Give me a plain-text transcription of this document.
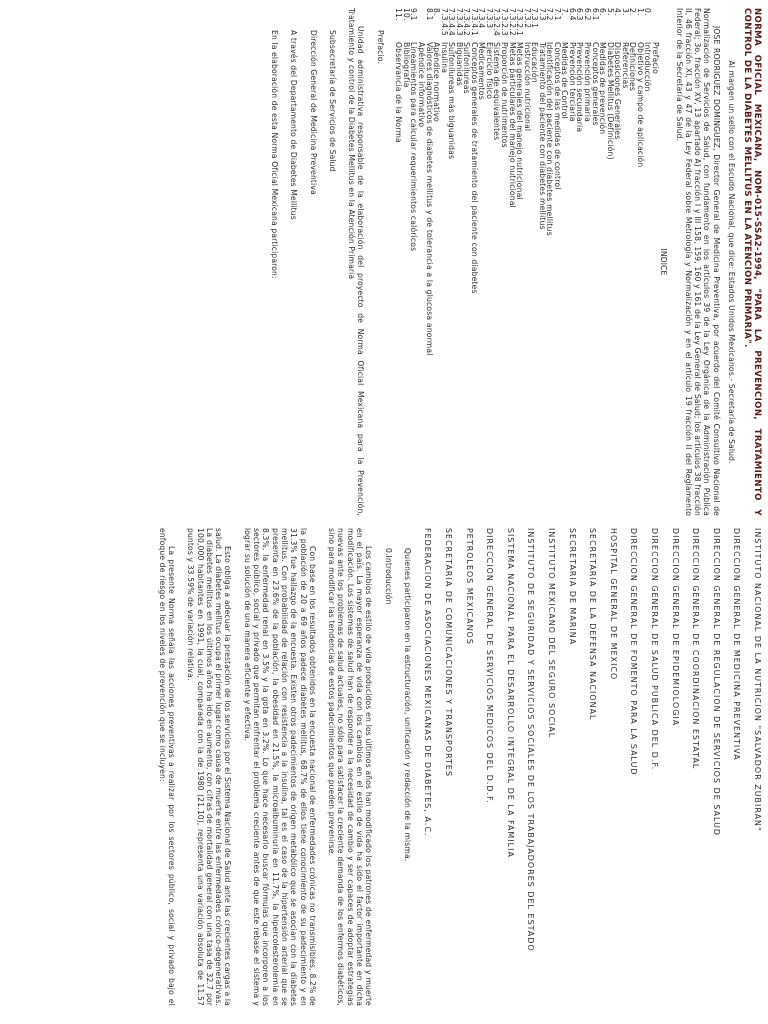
NORMA OFICIAL MEXICANA, NOM-015-SSA2-1994, "PARA LA PREVENCION, TRATAMIENTO Y CONTROL DE LA DIABETES MELLITUS EN LA ATENCION PRIMARIA".

Al margen un sello con el Escudo Nacional, que dice: Estados Unidos Mexicanos.- Secretaría de Salud.

JOSE RODRIGUEZ DOMINGUEZ, Director General de Medicina Preventiva, por acuerdo del Comité Consultivo Nacional de Normalización de Servicios de Salud, con fundamento en los artículos 39 de la Ley Orgánica de la Administración Pública Federal; 3o. fracción XV, 13 apartado A) fracción I y III 158, 159, 160 y 161 de la Ley General de Salud; los artículos 38 fracción II, 46 fracción XI, 43 y 47 de la Ley Federal sobre Metrología y Normalización y en el artículo 19 fracción II del Reglamento Interior de la Secretaría de Salud.

INDICE

Prefacio
0.Introducción
1.Objetivo y campo de aplicación
2.Definiciones
3.Referencias
4.Disposiciones Generales
5.Diabetes Mellitus (Definición)
6.Medidas de prevención
6.1Conceptos generales
6.2Prevención primaria
6.3Prevención secundaria
6.4Prevención terciaria
7.Medidas de Control
7.1Conceptos de las medidas de control
7.2Identificación del paciente con diabetes mellitus
7.3Tratamiento del paciente con diabetes mellitus
7.3.1Educación
7.3.2Instrucción nutricional
7.3.2.1Metas generales del manejo nutricional
7.3.2.2Metas particulares del manejo nutricional
7.3.2.3Proporción de nutrimentos
7.3.2.4Sistema de equivalentes
7.3.3Ejercicio físico
7.3.4Medicamentos
7.3.4.1Conceptos generales de tratamiento del paciente con diabetes
7.3.4.2Sulfonilureas
7.3.4.3Biguanidas
7.3.4.4Sulfonilureas más biguanidas
7.3.4.5Insulina
8.Apéndice normativo
8.1Valores diagnósticos de diabetes mellitus y de tolerancia a la glucosa anormal
Apéndice informativo
9.1Lineamientos para calcular requerimientos calóricos
10.Bibliografía
11.Observancia de la Norma

Prefacio.

Unidad administrativa responsable de la elaboración del proyecto de Norma Oficial Mexicana para la Prevención, Tratamiento y control de la Diabetes Mellitus en la Atención Primaria

Subsecretaría de Servicios de Salud

Dirección General de Medicina Preventiva

A través del Departamento de Diabetes Mellitus

En la elaboración de esta Norma Oficial Mexicana participaron:

INSTITUTO NACIONAL DE LA NUTRICION "SALVADOR ZUBIRAN"

DIRECCION GENERAL DE MEDICINA PREVENTIVA

DIRECCION GENERAL DE REGULACION DE SERVICIOS DE SALUD

DIRECCION GENERAL DE COORDINACION ESTATAL

DIRECCION GENERAL DE EPIDEMIOLOGIA

DIRECCION GENERAL DE SALUD PUBLICA DEL D.F.

DIRECCION GENERAL DE FOMENTO PARA LA SALUD

HOSPITAL GENERAL DE MEXICO

SECRETARIA DE LA DEFENSA NACIONAL

SECRETARIA DE MARINA

INSTITUTO MEXICANO DEL SEGURO SOCIAL

INSTITUTO DE SEGURIDAD Y SERVICIOS SOCIALES DE LOS TRABAJADORES DEL ESTADO

SISTEMA NACIONAL PARA EL DESARROLLO INTEGRAL DE LA FAMILIA

DIRECCION GENERAL DE SERVICIOS MEDICOS DEL D.D.F.

PETROLEOS MEXICANOS

SECRETARIA DE COMUNICACIONES Y TRANSPORTES

FEDERACION DE ASOCIACIONES MEXICANAS DE DIABETES, A.C.

Quienes participaron en la estructuración, unificación y redacción de la misma.

0.Introducción

Los cambios de estilo de vida producidos en los últimos años han modificado los patrones de enfermedad y muerte en el país. La mayor esperanza de vida con los cambios en el estilo de vida ha sido el factor importante en dicha modificación. Los sistemas de salud han de responder a la necesidad de cambio y ser capaces de adoptar estrategias nuevas ante los problemas de salud actuales, no sólo para satisfacer la creciente demanda de los enfermos diabéticos, sino para modificar las tendencias de estos padecimientos que pueden prevenirse.

Con base en los resultados obtenidos en la encuesta nacional de enfermedades crónicas no transmisibles, 8.2% de la población de 20 a 69 años padece diabetes mellitus, 68.7% de ellos tiene conocimiento de su padecimiento y en 31.3% fue hallazgo de la encuesta. Existen otros padecimientos de origen metabólico que se asocian con la diabetes mellitus. Con probabilidad de relación con resistencia a la insulina, tal es el caso de la hipertensión arterial que se presenta en 23.6% de la población, la obesidad en 21.5%, la microalbuminuria en 11.7%, la hipercolesterolemia en 8.3%, la enfermedad renal en 3.5% y la gota en 3.2%. Lo que hace necesario buscar fórmulas que incorporen a los sectores público, social y privado que permitan enfrentar el problema creciente antes de que este rebase el sistema y lograr su solución de una manera eficiente y efectiva.

Esto obliga a adecuar la prestación de los servicios por el Sistema Nacional de Salud ante las crecientes cargas a la salud. La diabetes mellitus ocupa el primer lugar como causa de muerte entre las enfermedades crónico-degenerativas. La diabetes mellitus en los últimos años ha ido en aumento, con cifras de mortalidad general con una tasa de 32.7 por 100,000 habitantes en 1991, la cual, comparada con la de 1980 (21.10), representa una variación absoluta de 11.57 puntos y 33.59% de variación relativa.

La presente Norma señala las acciones preventivas a realizar por los sectores público, social y privado bajo el enfoque de riesgo en los niveles de prevención que se incluyen:
